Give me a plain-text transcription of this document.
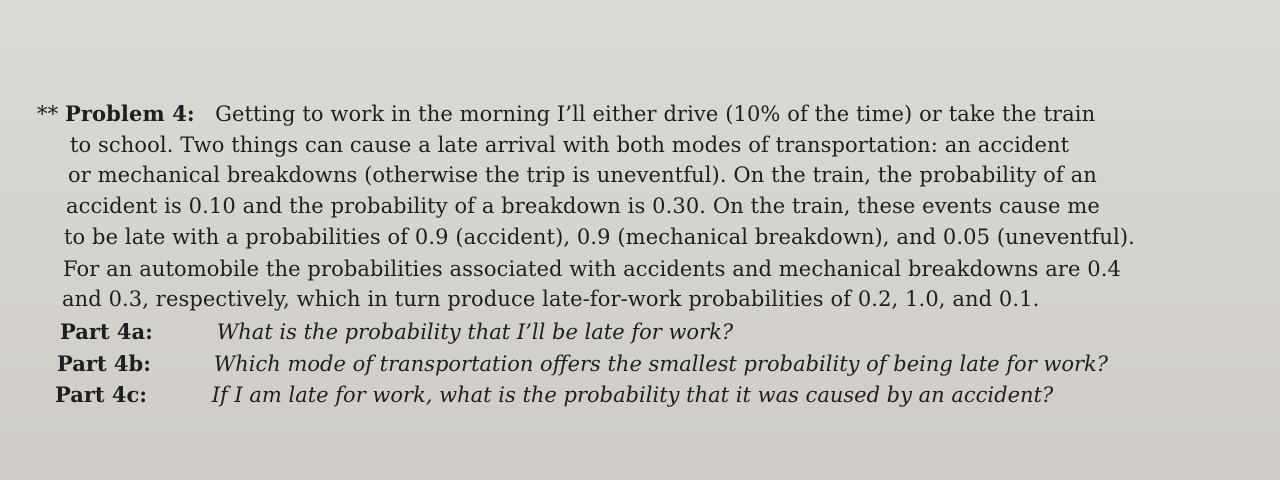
** Problem 4: Getting to work in the morning I’ll either drive (10% of the time) or take the train
to school. Two things can cause a late arrival with both modes of transportation: an accident
or mechanical breakdowns (otherwise the trip is uneventful). On the train, the probability of an
accident is 0.10 and the probability of a breakdown is 0.30. On the train, these events cause me
to be late with a probabilities of 0.9 (accident), 0.9 (mechanical breakdown), and 0.05 (uneventful).
For an automobile the probabilities associated with accidents and mechanical breakdowns are 0.4
and 0.3, respectively, which in turn produce late-for-work probabilities of 0.2, 1.0, and 0.1.
Part 4a:	What is the probability that I’ll be late for work?
Part 4b:	Which mode of transportation offers the smallest probability of being late for work?
Part 4c:	If I am late for work, what is the probability that it was caused by an accident?
